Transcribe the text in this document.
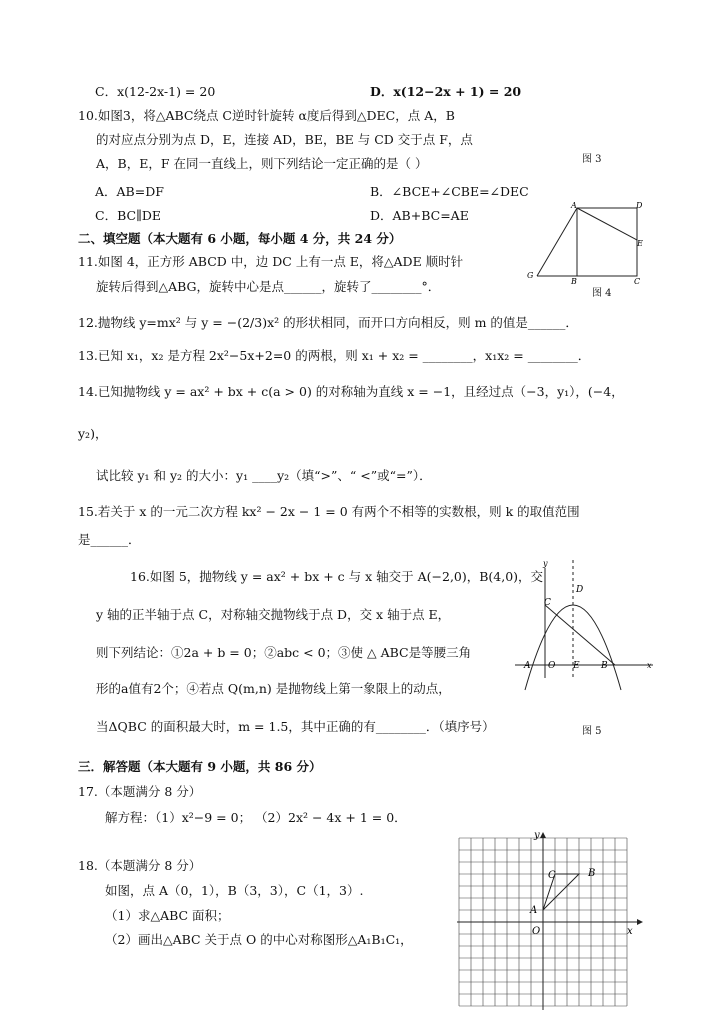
C．x(12-2x-1) = 20	D．x(12−2x + 1) = 20
10.如图3，将△ABC绕点 C逆时针旋转 α度后得到△DEC，点 A，B
的对应点分别为点 D，E，连接 AD，BE，BE 与 CD 交于点 F，点
A，B，E，F 在同一直线上，则下列结论一定正确的是（ ）	图 3
A．AB=DF	B．∠BCE+∠CBE=∠DEC
C．BC∥DE	D．AB+BC=AE
二、填空题（本大题有 6 小题，每小题 4 分，共 24 分）
A	D
E
G
B	C
图 4
11.如图 4，正方形 ABCD 中，边 DC 上有一点 E，将△ADE 顺时针
旋转后得到△ABG，旋转中心是点______，旋转了________°．
12.抛物线 y=mx² 与 y = −(2/3)x² 的形状相同，而开口方向相反，则 m 的值是______．
13.已知 x₁，x₂ 是方程 2x²−5x+2=0 的两根，则 x₁ + x₂ = ________，x₁x₂ = ________．
14.已知抛物线 y = ax² + bx + c(a > 0) 的对称轴为直线 x = −1，且经过点（−3，y₁），(−4，
y₂)，
试比较 y₁ 和 y₂ 的大小：y₁ ____y₂（填“>”、“ <”或“=”）．
15.若关于 x 的一元二次方程 kx² − 2x − 1 = 0 有两个不相等的实数根，则 k 的取值范围
是______．
16.如图 5，抛物线 y = ax² + bx + c 与 x 轴交于 A(−2,0)，B(4,0)，交
y 轴的正半轴于点 C，对称轴交抛物线于点 D，交 x 轴于点 E，
则下列结论：①2a + b = 0；②abc < 0；③使 △ ABC是等腰三角
形的a值有2个；④若点 Q(m,n) 是抛物线上第一象限上的动点，
当ΔQBC 的面积最大时，m = 1.5，其中正确的有________．（填序号）
y
D
C
A O E B	x
图 5
三．解答题（本大题有 9 小题，共 86 分）
17.（本题满分 8 分）
解方程：（1）x²−9 = 0； （2）2x² − 4x + 1 = 0．
18.（本题满分 8 分）
如图，点 A（0，1），B（3，3），C（1，3）.
（1）求△ABC 面积；
（2）画出△ABC 关于点 O 的中心对称图形△A₁B₁C₁，
y
C	B
A
O	x
